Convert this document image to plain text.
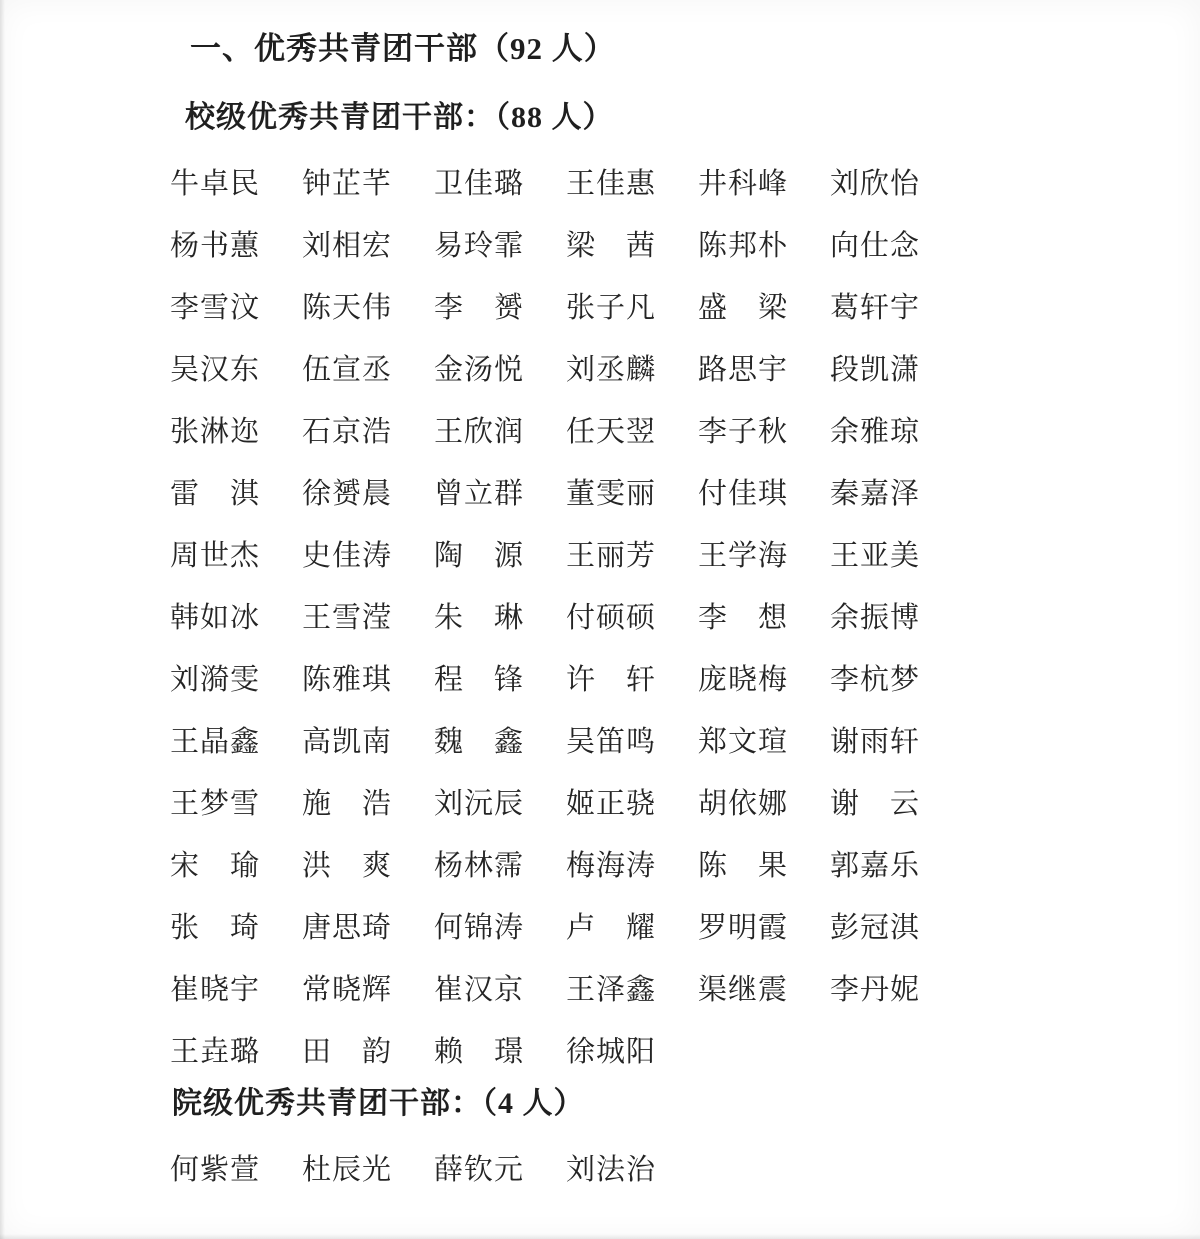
一、优秀共青团干部（92 人）
校级优秀共青团干部：（88 人）
牛卓民	钟芷芊	卫佳璐	王佳惠	井科峰	刘欣怡
杨书蕙	刘相宏	易玲霏	梁　茜	陈邦朴	向仕念
李雪汶	陈天伟	李　赟	张子凡	盛　梁	葛轩宇
吴汉东	伍宣丞	金汤悦	刘丞麟	路思宇	段凯潇
张淋迩	石京浩	王欣润	任天翌	李子秋	余雅琼
雷　淇	徐赟晨	曾立群	董雯丽	付佳琪	秦嘉泽
周世杰	史佳涛	陶　源	王丽芳	王学海	王亚美
韩如冰	王雪滢	朱　琳	付硕硕	李　想	余振博
刘漪雯	陈雅琪	程　锋	许　轩	庞晓梅	李杭梦
王晶鑫	高凯南	魏　鑫	吴笛鸣	郑文瑄	谢雨轩
王梦雪	施　浩	刘沅辰	姬正骁	胡依娜	谢　云
宋　瑜	洪　爽	杨林霈	梅海涛	陈　果	郭嘉乐
张　琦	唐思琦	何锦涛	卢　耀	罗明霞	彭冠淇
崔晓宇	常晓辉	崔汉京	王泽鑫	渠继震	李丹妮
王垚璐	田　韵	赖　璟	徐城阳
院级优秀共青团干部：（4 人）
何紫萱	杜辰光	薛钦元	刘法治
